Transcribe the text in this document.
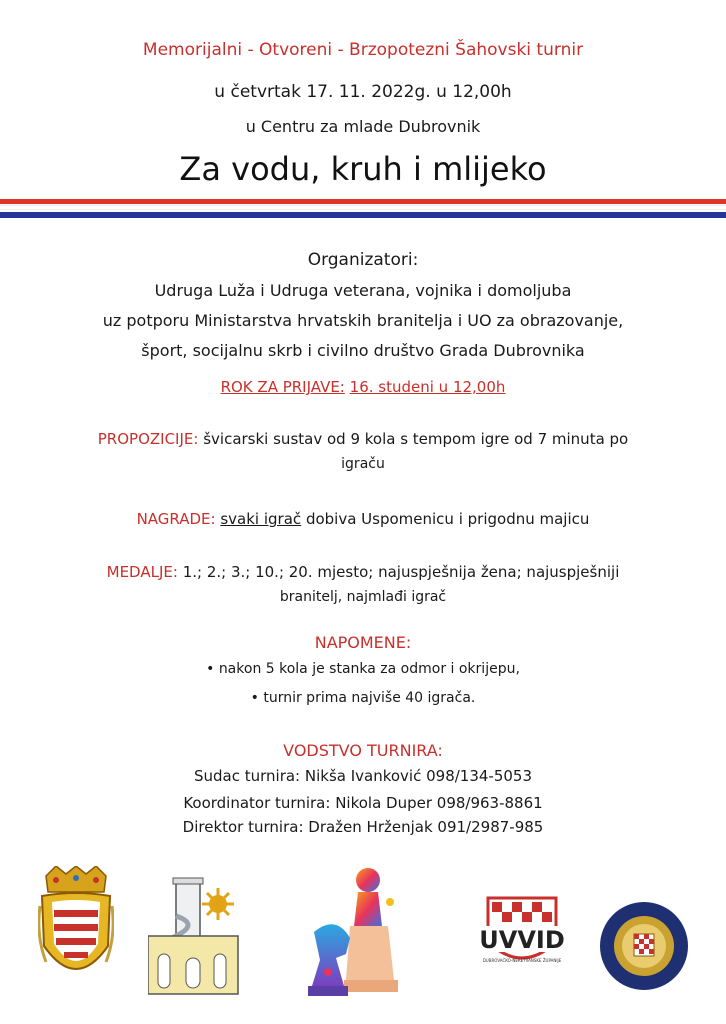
Memorijalni - Otvoreni - Brzopotezni Šahovski turnir
u četvrtak 17. 11. 2022g. u 12,00h
u Centru za mlade Dubrovnik
Za vodu, kruh i mlijeko
Organizatori:
Udruga Luža i Udruga veterana, vojnika i domoljuba
uz potporu Ministarstva hrvatskih branitelja i UO za obrazovanje,
šport, socijalnu skrb i civilno društvo Grada Dubrovnika
ROK ZA PRIJAVE: 16. studeni u 12,00h
PROPOZICIJE: švicarski sustav od 9 kola s tempom igre od 7 minuta po
igraču
NAGRADE: svaki igrač dobiva Uspomenicu i prigodnu majicu
MEDALJE: 1.; 2.; 3.; 10.; 20. mjesto; najuspješnija žena; najuspješniji
branitelj, najmlađi igrač
NAPOMENE:
• nakon 5 kola je stanka za odmor i okrijepu,
• turnir prima najviše 40 igrača.
VODSTVO TURNIRA:
Sudac turnira: Nikša Ivanković 098/134-5053
Koordinator turnira: Nikola Duper 098/963-8861
Direktor turnira: Dražen Hrženjak 091/2987-985
UVVID
DUBROVAČKO-NERETVANSKE ŽUPANIJE
